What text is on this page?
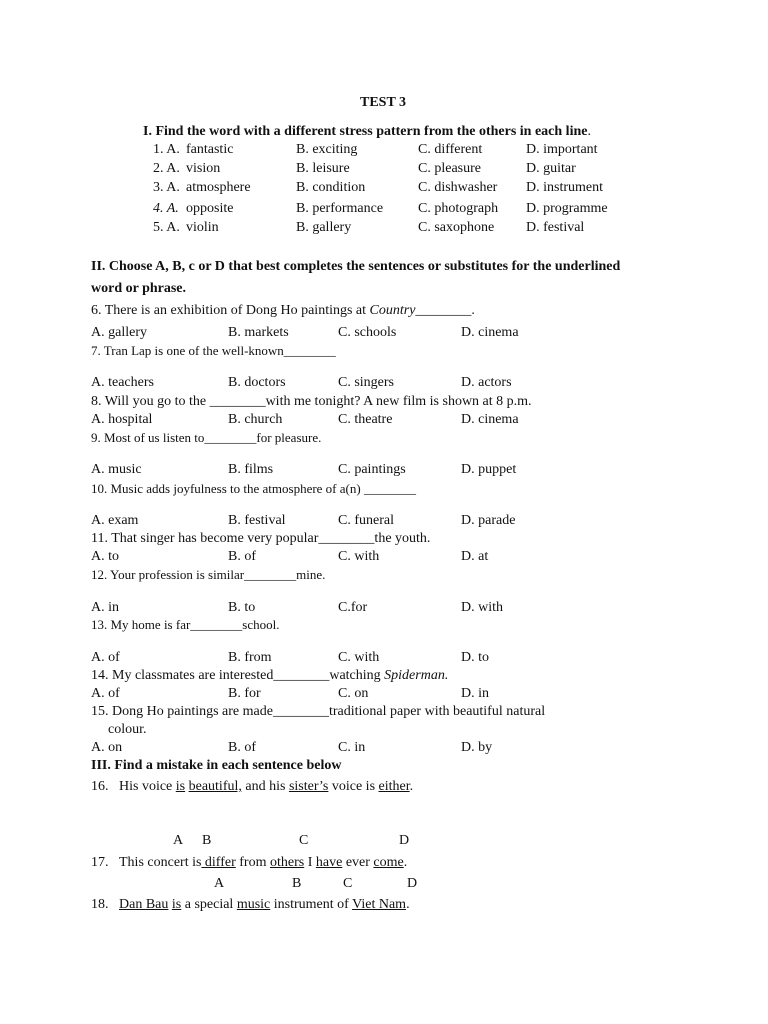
TEST 3
I. Find the word with a different stress pattern from the others in each line.
1. A. fantastic	B. exciting	C. different	D. important
2. A. vision	B. leisure	C. pleasure	D. guitar
3. A. atmosphere	B. condition	C. dishwasher D. instrument
4. A. opposite	B. performance C. photograph D. programme
5. A. violin	B. gallery	C. saxophone D. festival
II. Choose A, B, c or D that best completes the sentences or substitutes for the underlined
word or phrase.
6. There is an exhibition of Dong Ho paintings at Country________.
A. gallery	B. markets	C. schools	D. cinema
7. Tran Lap is one of the well-known________
A. teachers	B. doctors	C. singers	D. actors
8. Will you go to the ________with me tonight? A new film is shown at 8 p.m.
A. hospital	B. church	C. theatre	D. cinema
9. Most of us listen to________for pleasure.
A. music	B. films	C. paintings	D. puppet
10. Music adds joyfulness to the atmosphere of a(n) ________
A. exam	B. festival	C. funeral	D. parade
11. That singer has become very popular________the youth.
A. to	B. of	C. with	D. at
12. Your profession is similar________mine.
A. in	B. to	C.for	D. with
13. My home is far________school.
A. of	B. from	C. with	D. to
14. My classmates are interested________watching Spiderman.
A. of	B. for	C. on	D. in
15. Dong Ho paintings are made________traditional paper with beautiful natural
colour.
A. on	B. of	C. in	D. by
III. Find a mistake in each sentence below
16. His voice is beautiful, and his sister’s voice is either.
A B	C	D
17. This concert is differ from others I have ever come.
A	B	C	D
18. Dan Bau is a special music instrument of Viet Nam.
